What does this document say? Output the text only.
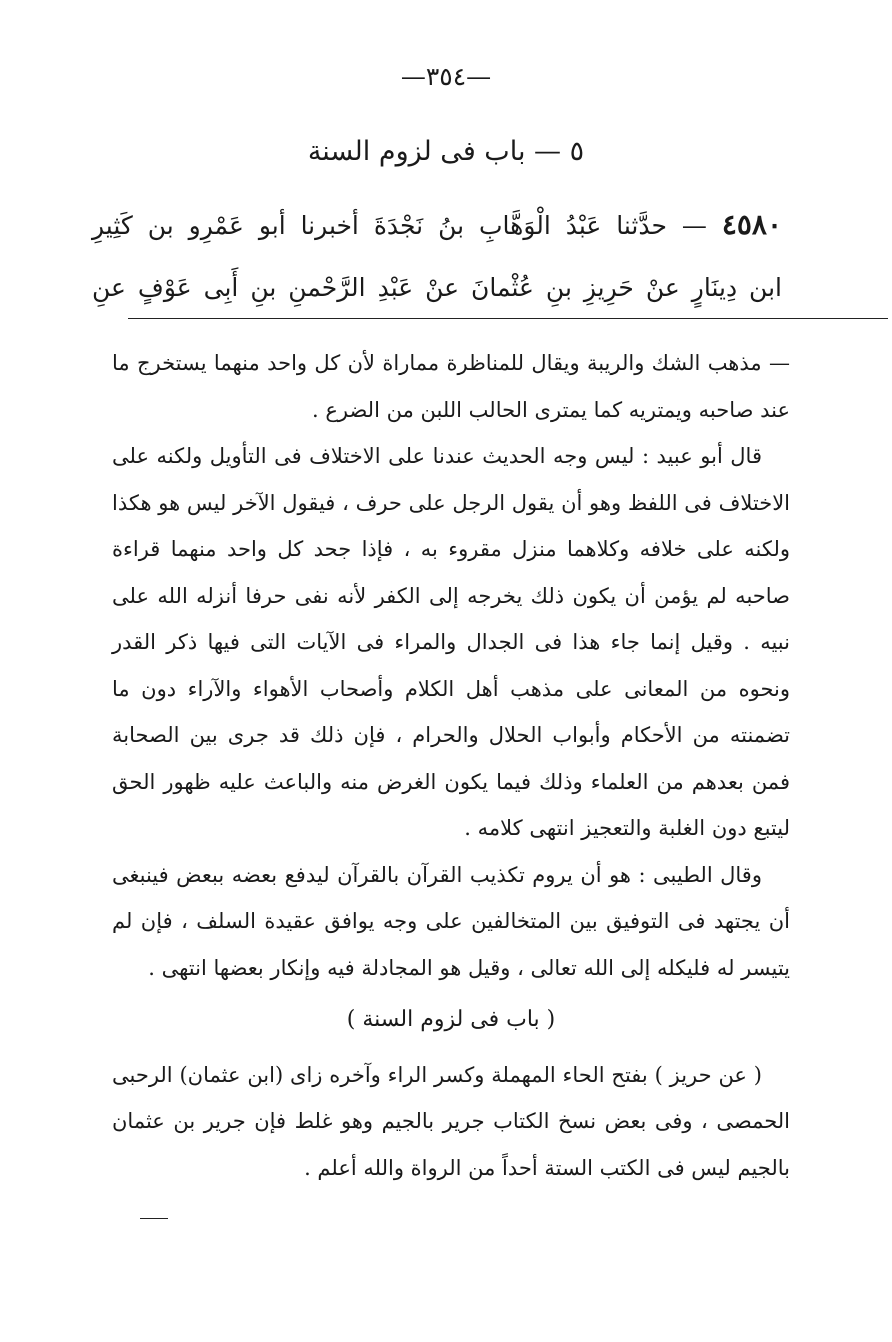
—٣٥٤—
٥ — باب فى لزوم السنة
٤٥٨٠ — حدَّثنا عَبْدُ الْوَهَّابِ بنُ نَجْدَةَ أخبرنا أبو عَمْرِو بن كَثِيرِ
ابن دِينَارٍ عنْ حَرِيزِ بنِ عُثْمانَ عنْ عَبْدِ الرَّحْمنِ بنِ أَبِى عَوْفٍ عنِ

— مذهب الشك والريبة ويقال للمناظرة مماراة لأن كل واحد منهما يستخرج ما عند صاحبه ويمتريه كما يمترى الحالب اللبن من الضرع .

قال أبو عبيد : ليس وجه الحديث عندنا على الاختلاف فى التأويل ولكنه على الاختلاف فى اللفظ وهو أن يقول الرجل على حرف ، فيقول الآخر ليس هو هكذا ولكنه على خلافه وكلاهما منزل مقروء به ، فإذا جحد كل واحد منهما قراءة صاحبه لم يؤمن أن يكون ذلك يخرجه إلى الكفر لأنه نفى حرفا أنزله الله على نبيه . وقيل إنما جاء هذا فى الجدال والمراء فى الآيات التى فيها ذكر القدر ونحوه من المعانى على مذهب أهل الكلام وأصحاب الأهواء والآراء دون ما تضمنته من الأحكام وأبواب الحلال والحرام ، فإن ذلك قد جرى بين الصحابة فمن بعدهم من العلماء وذلك فيما يكون الغرض منه والباعث عليه ظهور الحق ليتبع دون الغلبة والتعجيز انتهى كلامه .

وقال الطيبى : هو أن يروم تكذيب القرآن بالقرآن ليدفع بعضه ببعض فينبغى أن يجتهد فى التوفيق بين المتخالفين على وجه يوافق عقيدة السلف ، فإن لم يتيسر له فليكله إلى الله تعالى ، وقيل هو المجادلة فيه وإنكار بعضها انتهى .

( باب فى لزوم السنة )

( عن حريز ) بفتح الحاء المهملة وكسر الراء وآخره زاى (ابن عثمان) الرحبى الحمصى ، وفى بعض نسخ الكتاب جرير بالجيم وهو غلط فإن جرير بن عثمان بالجيم ليس فى الكتب الستة أحداً من الرواة والله أعلم .
